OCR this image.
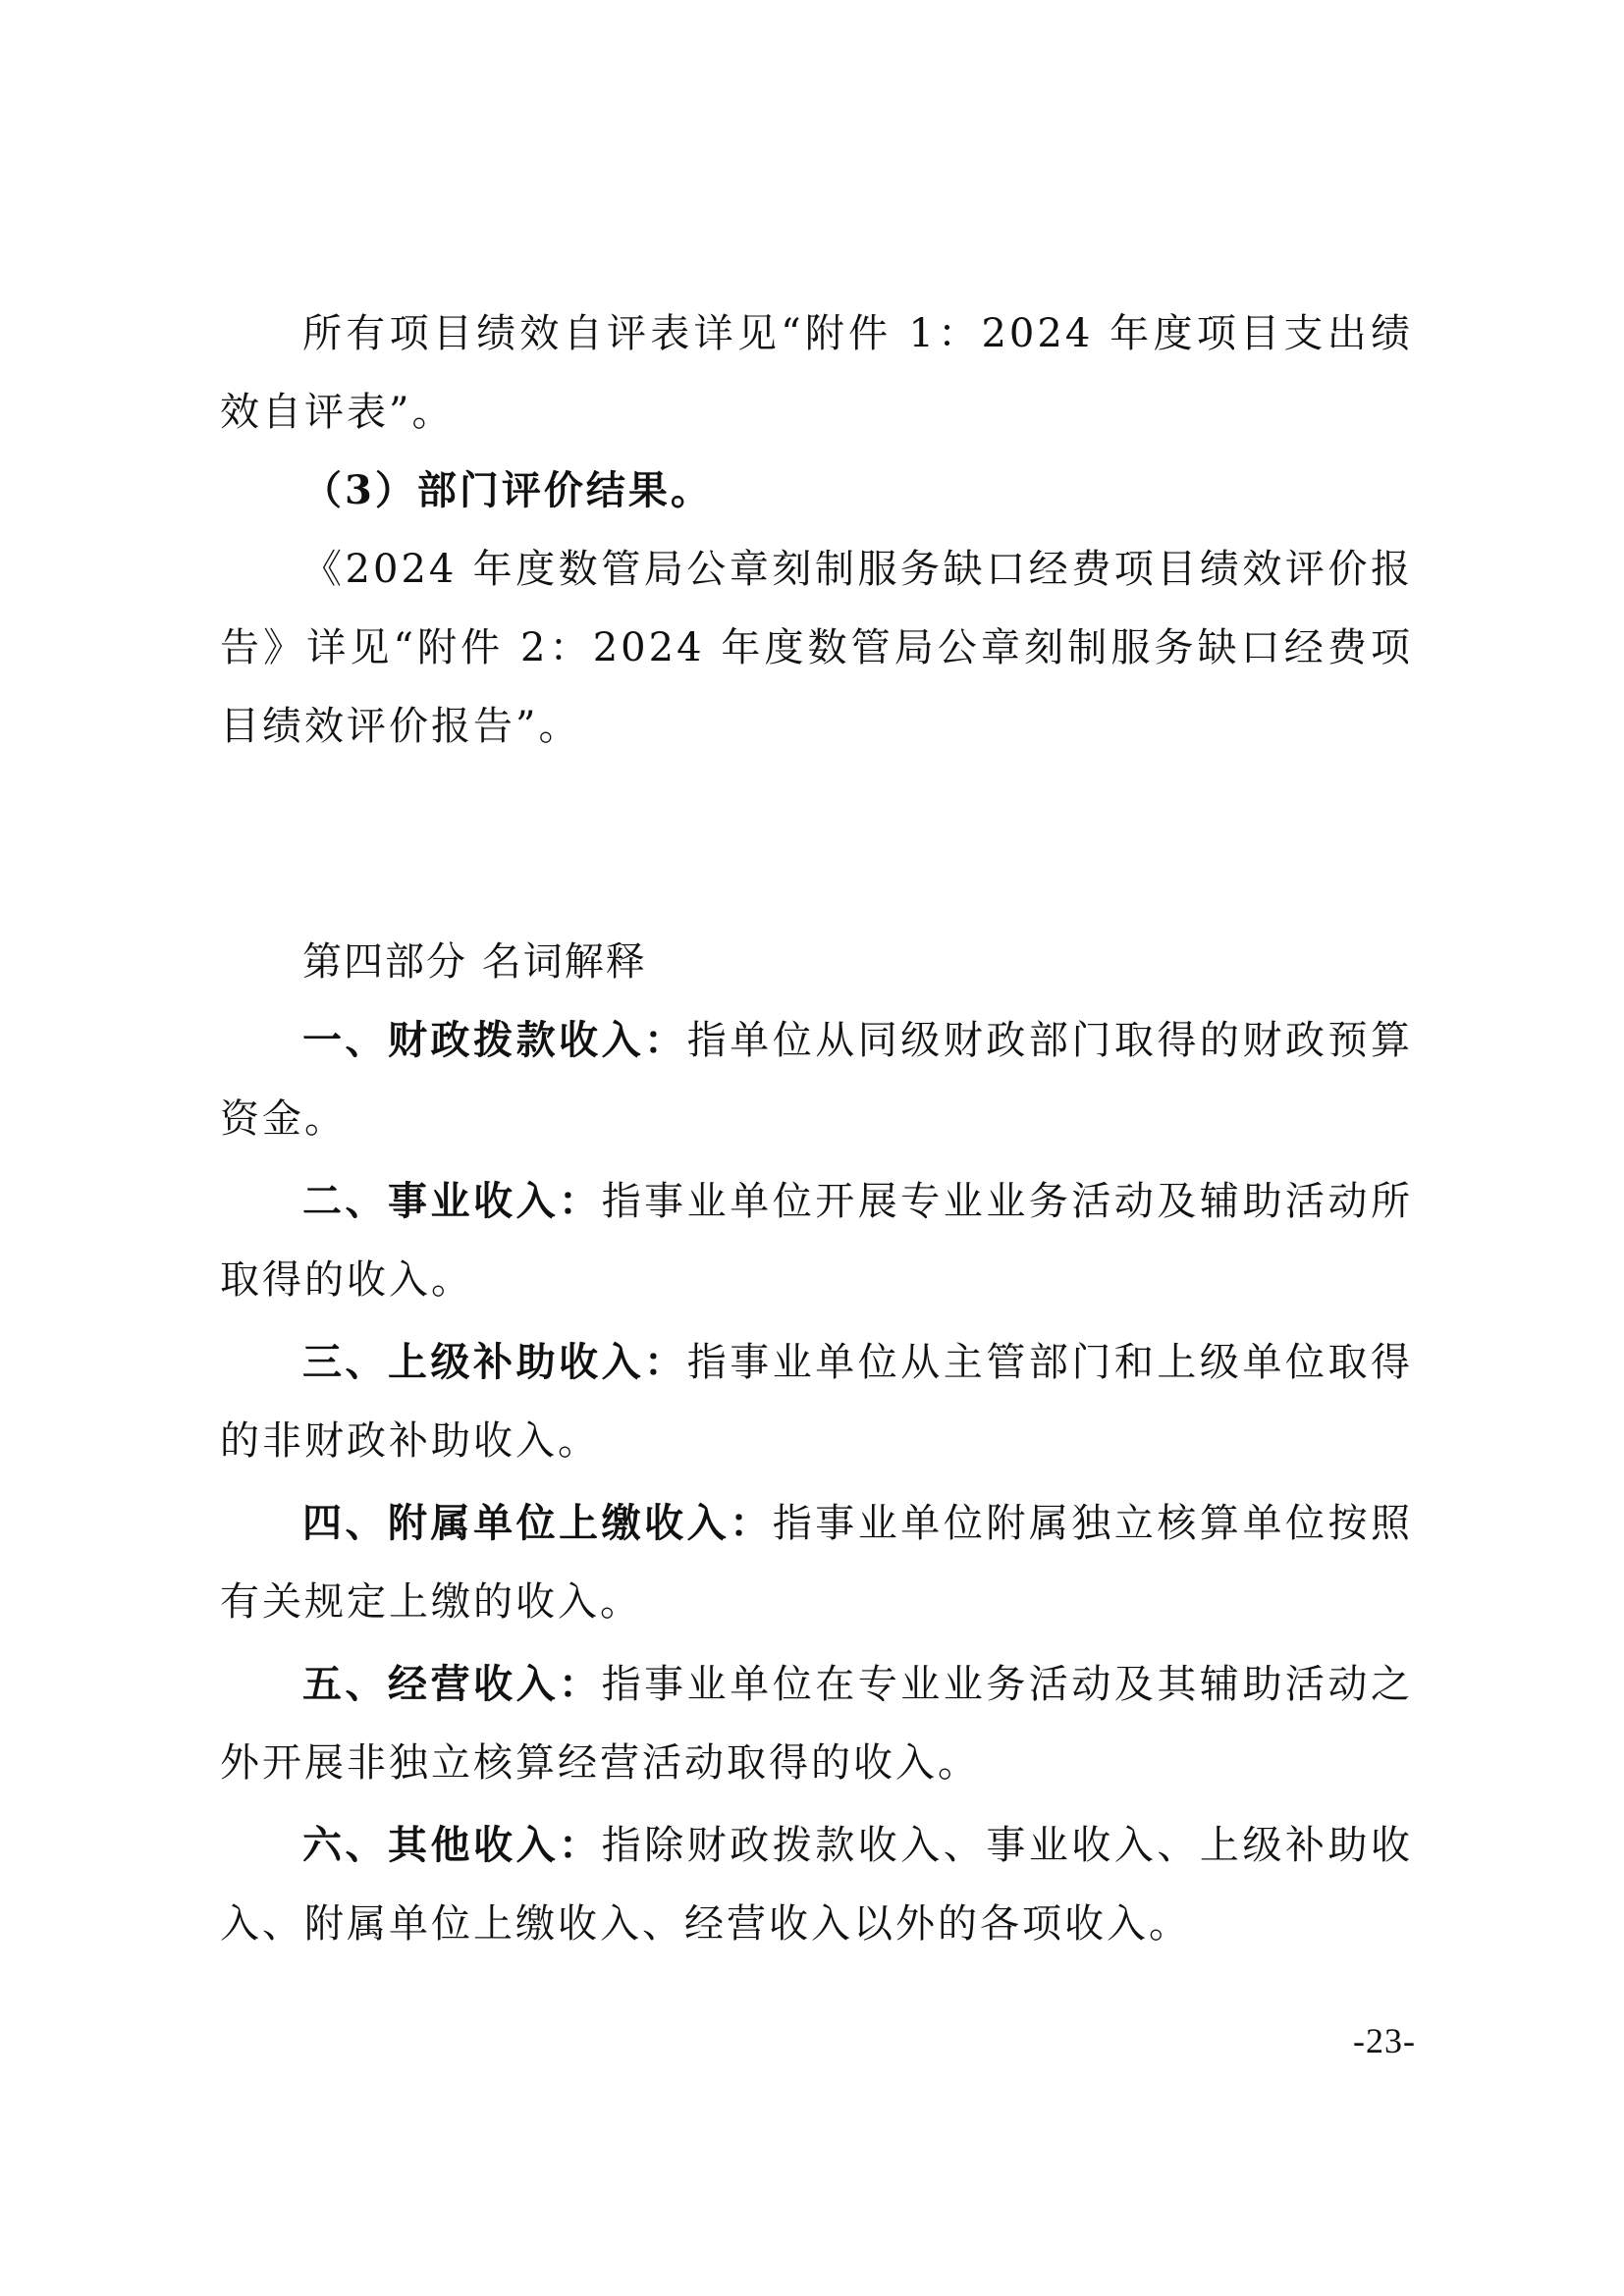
所有项目绩效自评表详见“附件 1：2024 年度项目支出绩效自评表”。

（3）部门评价结果。

《2024 年度数管局公章刻制服务缺口经费项目绩效评价报告》详见“附件 2：2024 年度数管局公章刻制服务缺口经费项目绩效评价报告”。

第四部分 名词解释

一、财政拨款收入：指单位从同级财政部门取得的财政预算资金。

二、事业收入：指事业单位开展专业业务活动及辅助活动所取得的收入。

三、上级补助收入：指事业单位从主管部门和上级单位取得的非财政补助收入。

四、附属单位上缴收入：指事业单位附属独立核算单位按照有关规定上缴的收入。

五、经营收入：指事业单位在专业业务活动及其辅助活动之外开展非独立核算经营活动取得的收入。

六、其他收入：指除财政拨款收入、事业收入、上级补助收入、附属单位上缴收入、经营收入以外的各项收入。

-23-
